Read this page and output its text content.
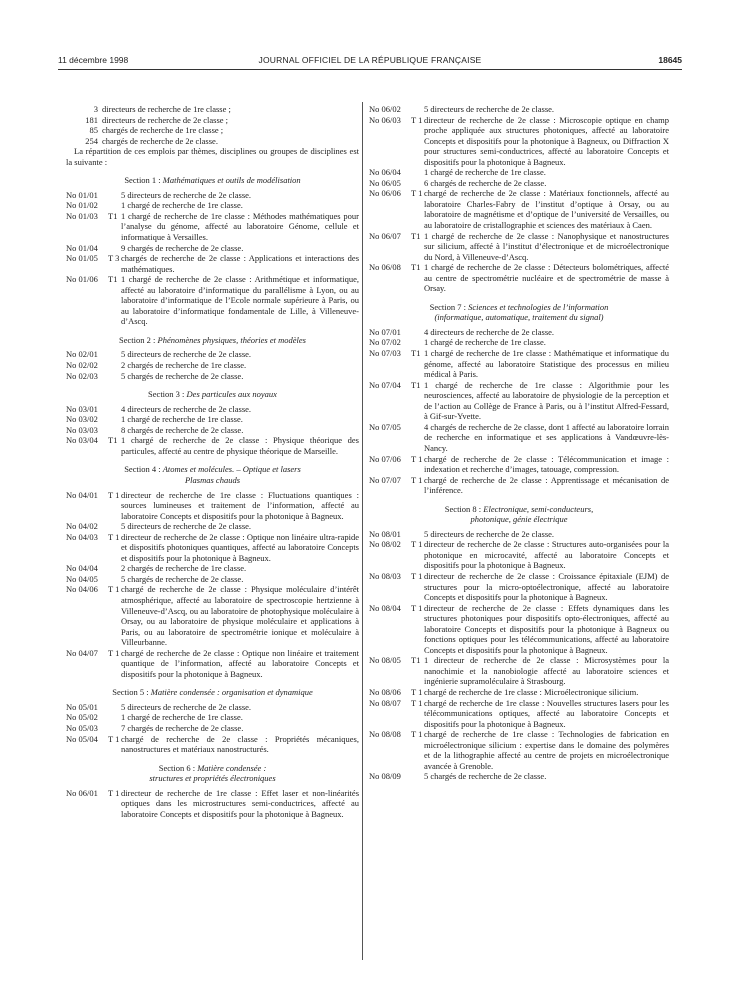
11 décembre 1998	JOURNAL OFFICIEL DE LA RÉPUBLIQUE FRANÇAISE	18645
3 directeurs de recherche de 1re classe ;
181 directeurs de recherche de 2e classe ;
85 chargés de recherche de 1re classe ;
254 chargés de recherche de 2e classe.

La répartition de ces emplois par thèmes, disciplines ou groupes de disciplines est la suivante :

Section 1 : Mathématiques et outils de modélisation
No 01/01	5 directeurs de recherche de 2e classe.
No 01/02	1 chargé de recherche de 1re classe.
No 01/03	T1 1 chargé de recherche de 1re classe : Méthodes mathématiques pour l’analyse du génome, affecté au laboratoire Génome, cellule et informatique à Versailles.
No 01/04	9 chargés de recherche de 2e classe.
No 01/05	T 3 chargés de recherche de 2e classe : Applications et interactions des mathématiques.
No 01/06	T1 1 chargé de recherche de 2e classe : Arithmétique et informatique, affecté au laboratoire d’informatique du parallélisme à Lyon, ou au laboratoire d’informatique de l’Ecole normale supérieure à Paris, ou au laboratoire d’informatique fondamentale de Lille, à Villeneuve-d’Ascq.
Section 2 : Phénomènes physiques, théories et modèles
No 02/01	5 directeurs de recherche de 2e classe.
No 02/02	2 chargés de recherche de 1re classe.
No 02/03	5 chargés de recherche de 2e classe.
Section 3 : Des particules aux noyaux
No 03/01	4 directeurs de recherche de 2e classe.
No 03/02	1 chargé de recherche de 1re classe.
No 03/03	8 chargés de recherche de 2e classe.
No 03/04	T1 1 chargé de recherche de 2e classe : Physique théorique des particules, affecté au centre de physique théorique de Marseille.
Section 4 : Atomes et molécules. – Optique et lasers
Plasmas chauds
No 04/01	T 1 directeur de recherche de 1re classe : Fluctuations quantiques : sources lumineuses et traitement de l’information, affecté au laboratoire Concepts et dispositifs pour la photonique à Bagneux.
No 04/02	5 directeurs de recherche de 2e classe.
No 04/03	T 1 directeur de recherche de 2e classe : Optique non linéaire ultra-rapide et dispositifs photoniques quantiques, affecté au laboratoire Concepts et dispositifs pour la photonique à Bagneux.
No 04/04	2 chargés de recherche de 1re classe.
No 04/05	5 chargés de recherche de 2e classe.
No 04/06	T 1 chargé de recherche de 2e classe : Physique moléculaire d’intérêt atmosphérique, affecté au laboratoire de spectroscopie hertzienne à Villeneuve-d’Ascq, ou au laboratoire de photophysique moléculaire à Orsay, ou au laboratoire de physique moléculaire et applications à Paris, ou au laboratoire de spectrométrie ionique et moléculaire à Villeurbanne.
No 04/07	T 1 chargé de recherche de 2e classe : Optique non linéaire et traitement quantique de l’information, affecté au laboratoire Concepts et dispositifs pour la photonique à Bagneux.
Section 5 : Matière condensée : organisation et dynamique
No 05/01	5 directeurs de recherche de 2e classe.
No 05/02	1 chargé de recherche de 1re classe.
No 05/03	7 chargés de recherche de 2e classe.
No 05/04	T 1 chargé de recherche de 2e classe : Propriétés mécaniques, nanostructures et matériaux nanostructurés.
Section 6 : Matière condensée :
structures et propriétés électroniques
No 06/01	T 1 directeur de recherche de 1re classe : Effet laser et non-linéarités optiques dans les microstructures semi-conductrices, affecté au laboratoire Concepts et dispositifs pour la photonique à Bagneux.
No 06/02	5 directeurs de recherche de 2e classe.
No 06/03	T 1 directeur de recherche de 2e classe : Microscopie optique en champ proche appliquée aux structures photoniques, affecté au laboratoire Concepts et dispositifs pour la photonique à Bagneux, ou Diffraction X pour structures semi-conductrices, affecté au laboratoire Concepts et dispositifs pour la photonique à Bagneux.
No 06/04	1 chargé de recherche de 1re classe.
No 06/05	6 chargés de recherche de 2e classe.
No 06/06	T 1 chargé de recherche de 2e classe : Matériaux fonctionnels, affecté au laboratoire Charles-Fabry de l’institut d’optique à Orsay, ou au laboratoire de magnétisme et d’optique de l’université de Versailles, ou au laboratoire de cristallographie et sciences des matériaux à Caen.
No 06/07	T1 1 chargé de recherche de 2e classe : Nanophysique et nanostructures sur silicium, affecté à l’institut d’électronique et de microélectronique du Nord, à Villeneuve-d’Ascq.
No 06/08	T1 1 chargé de recherche de 2e classe : Détecteurs bolométriques, affecté au centre de spectrométrie nucléaire et de spectrométrie de masse à Orsay.
Section 7 : Sciences et technologies de l’information
(informatique, automatique, traitement du signal)
No 07/01	4 directeurs de recherche de 2e classe.
No 07/02	1 chargé de recherche de 1re classe.
No 07/03	T1 1 chargé de recherche de 1re classe : Mathématique et informatique du génome, affecté au laboratoire Statistique des processus en milieu médical à Paris.
No 07/04	T1 1 chargé de recherche de 1re classe : Algorithmie pour les neurosciences, affecté au laboratoire de physiologie de la perception et de l’action au Collège de France à Paris, ou à l’institut Alfred-Fessard, à Gif-sur-Yvette.
No 07/05	4 chargés de recherche de 2e classe, dont 1 affecté au laboratoire lorrain de recherche en informatique et ses applications à Vandœuvre-lès-Nancy.
No 07/06	T 1 chargé de recherche de 2e classe : Télécommunication et image : indexation et recherche d’images, tatouage, compression.
No 07/07	T 1 chargé de recherche de 2e classe : Apprentissage et mécanisation de l’inférence.
Section 8 : Electronique, semi-conducteurs,
photonique, génie électrique
No 08/01	5 directeurs de recherche de 2e classe.
No 08/02	T 1 directeur de recherche de 2e classe : Structures auto-organisées pour la photonique en microcavité, affecté au laboratoire Concepts et dispositifs pour la photonique à Bagneux.
No 08/03	T 1 directeur de recherche de 2e classe : Croissance épitaxiale (EJM) de structures pour la micro-optoélectronique, affecté au laboratoire Concepts et dispositifs pour la photonique à Bagneux.
No 08/04	T 1 directeur de recherche de 2e classe : Effets dynamiques dans les structures photoniques pour dispositifs opto-électroniques, affecté au laboratoire Concepts et dispositifs pour la photonique à Bagneux ou fonctions optiques pour les télécommunications, affecté au laboratoire Concepts et dispositifs pour la photonique à Bagneux.
No 08/05	T1 1 directeur de recherche de 2e classe : Microsystèmes pour la nanochimie et la nanobiologie affecté au laboratoire sciences et ingénierie supramoléculaire à Strasbourg.
No 08/06	T 1 chargé de recherche de 1re classe : Microélectronique silicium.
No 08/07	T 1 chargé de recherche de 1re classe : Nouvelles structures lasers pour les télécommunications optiques, affecté au laboratoire Concepts et dispositifs pour la photonique à Bagneux.
No 08/08	T 1 chargé de recherche de 1re classe : Technologies de fabrication en microélectronique silicium : expertise dans le domaine des polymères et de la lithographie affecté au centre de projets en microélectronique avancée à Grenoble.
No 08/09	5 chargés de recherche de 2e classe.
